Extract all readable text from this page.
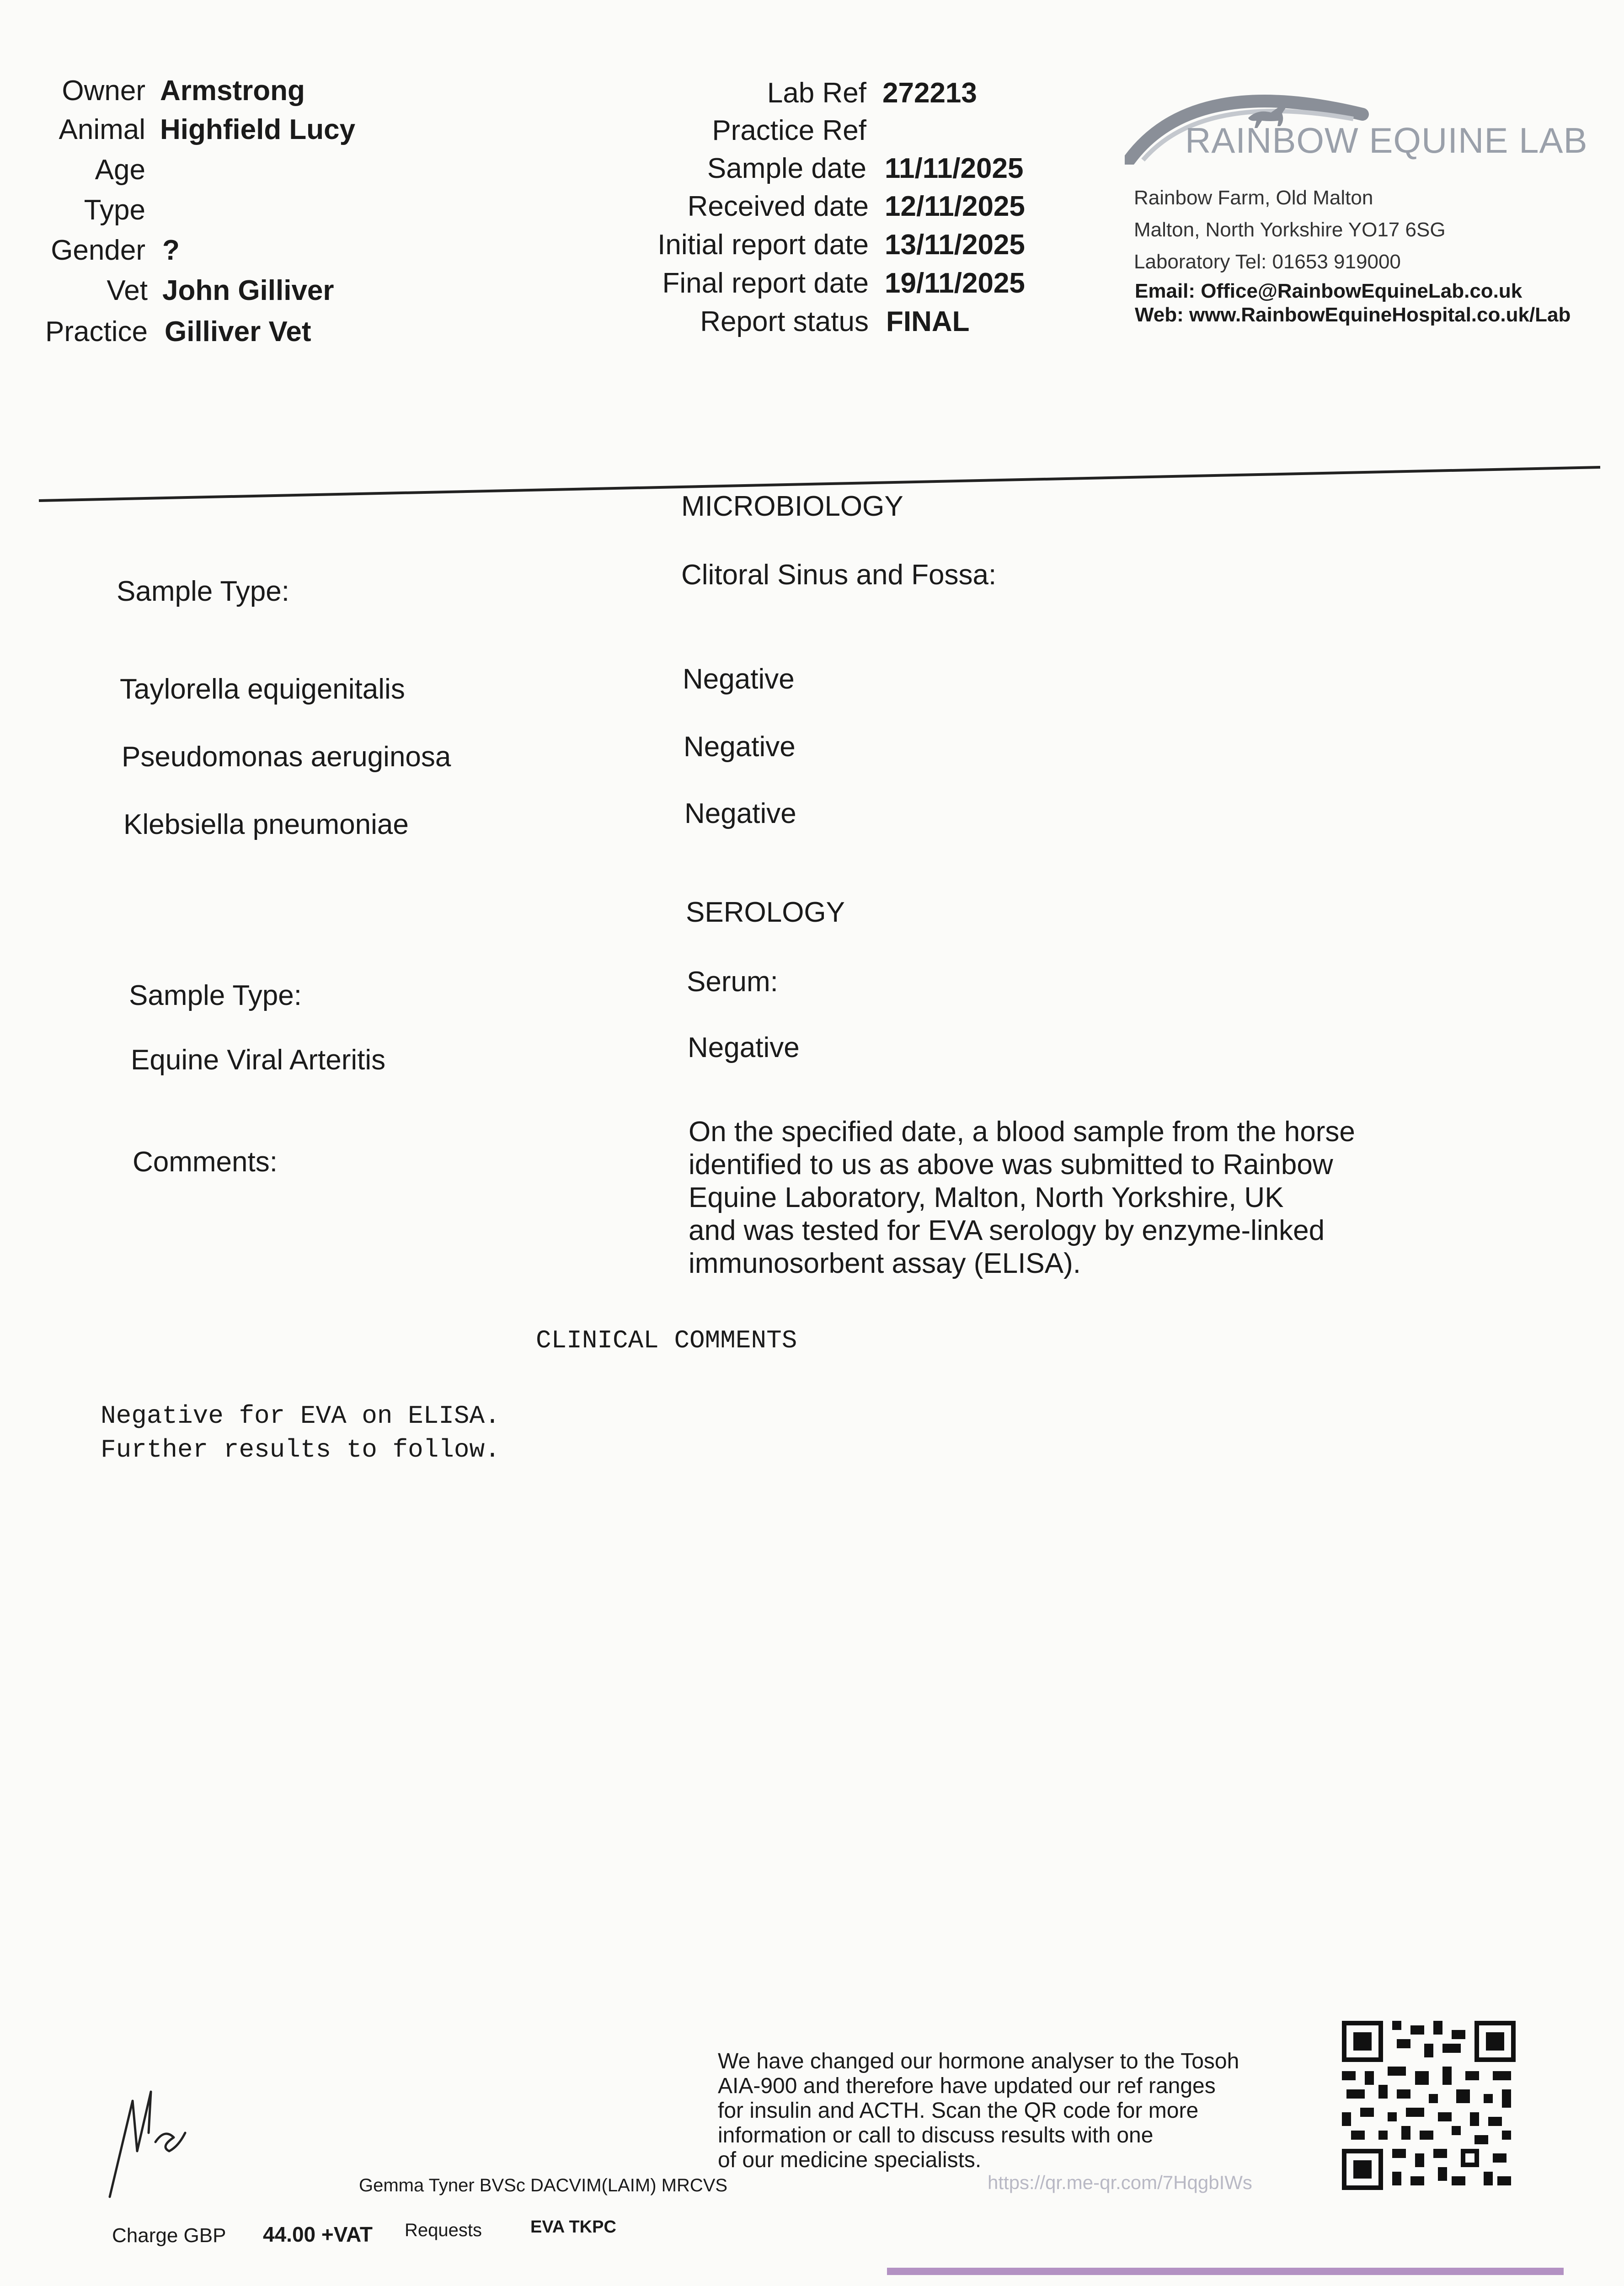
Owner Armstrong
Animal Highfield Lucy
Age
Type
Gender ?
Vet John Gilliver
Practice Gilliver Vet
Lab Ref 272213
Practice Ref
Sample date 11/11/2025
Received date 12/11/2025
Initial report date 13/11/2025
Final report date 19/11/2025
Report status FINAL
RAINBOW EQUINE LAB
Rainbow Farm, Old Malton
Malton, North Yorkshire YO17 6SG
Laboratory Tel: 01653 919000
Email: Office@RainbowEquineLab.co.uk
Web: www.RainbowEquineHospital.co.uk/Lab
MICROBIOLOGY
Sample Type:
Clitoral Sinus and Fossa:
Taylorella equigenitalis	Negative
Pseudomonas aeruginosa	Negative
Klebsiella pneumoniae	Negative
SEROLOGY
Sample Type:	Serum:
Equine Viral Arteritis	Negative
Comments:
On the specified date, a blood sample from the horse
identified to us as above was submitted to Rainbow
Equine Laboratory, Malton, North Yorkshire, UK
and was tested for EVA serology by enzyme-linked
immunosorbent assay (ELISA).
CLINICAL COMMENTS
Negative for EVA on ELISA.
Further results to follow.
Gemma Tyner BVSc DACVIM(LAIM) MRCVS
We have changed our hormone analyser to the Tosoh
AIA-900 and therefore have updated our ref ranges
for insulin and ACTH. Scan the QR code for more
information or call to discuss results with one
of our medicine specialists.
https://qr.me-qr.com/7HqgbIWs
Charge GBP 44.00 +VAT Requests	EVA TKPC
